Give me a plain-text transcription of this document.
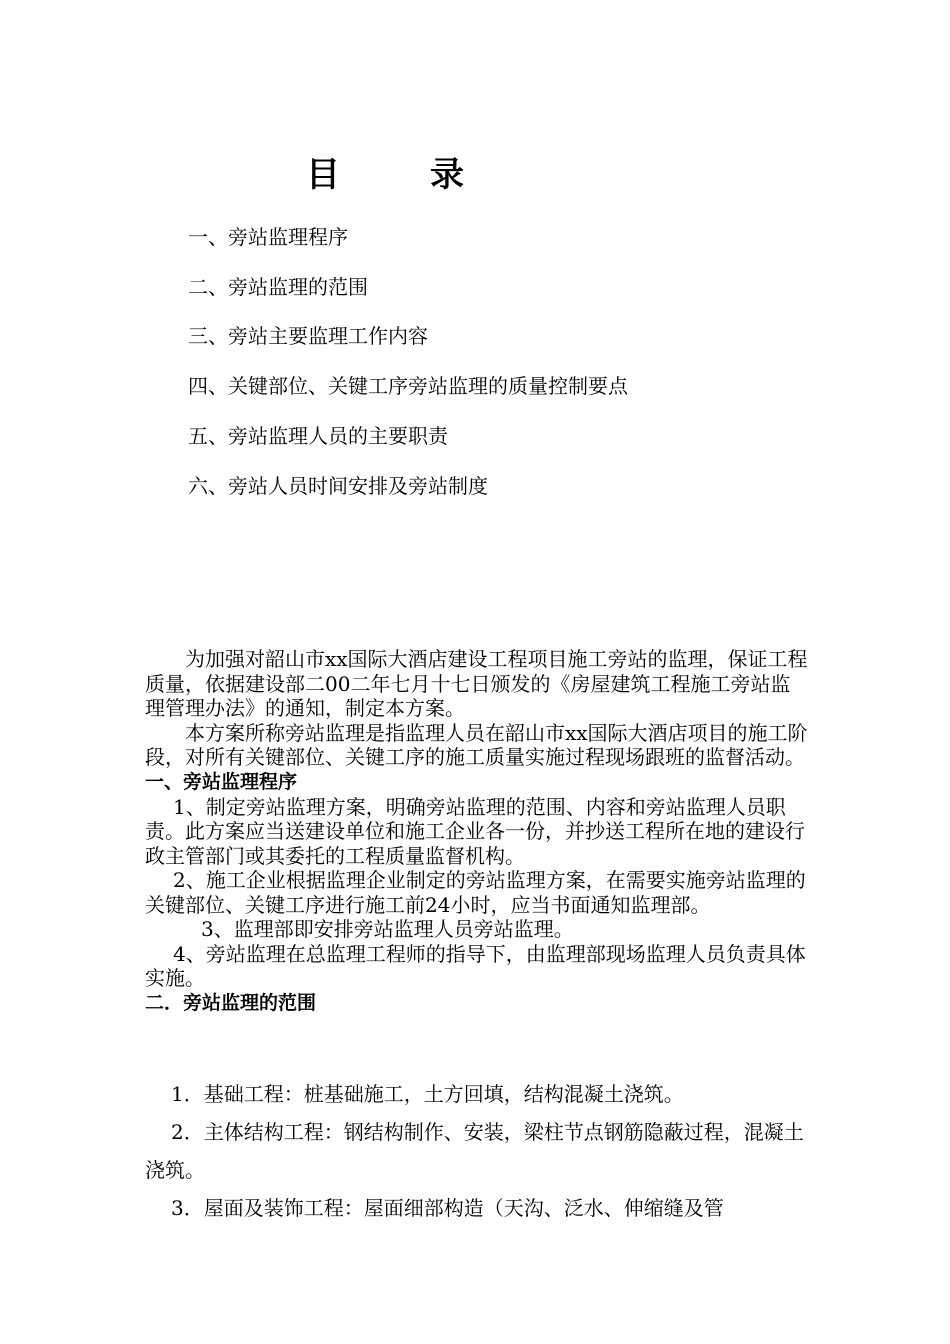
目录
一、旁站监理程序
二、旁站监理的范围
三、旁站主要监理工作内容
四、关键部位、关键工序旁站监理的质量控制要点
五、旁站监理人员的主要职责
六、旁站人员时间安排及旁站制度

为加强对韶山市xx国际大酒店建设工程项目施工旁站的监理，保证工程质量，依据建设部二00二年七月十七日颁发的《房屋建筑工程施工旁站监理管理办法》的通知，制定本方案。

本方案所称旁站监理是指监理人员在韶山市xx国际大酒店项目的施工阶段，对所有关键部位、关键工序的施工质量实施过程现场跟班的监督活动。

一、旁站监理程序

1、制定旁站监理方案，明确旁站监理的范围、内容和旁站监理人员职责。此方案应当送建设单位和施工企业各一份，并抄送工程所在地的建设行政主管部门或其委托的工程质量监督机构。

2、施工企业根据监理企业制定的旁站监理方案，在需要实施旁站监理的关键部位、关键工序进行施工前24小时，应当书面通知监理部。

3、监理部即安排旁站监理人员旁站监理。

4、旁站监理在总监理工程师的指导下，由监理部现场监理人员负责具体实施。

二．旁站监理的范围

1．基础工程：桩基础施工，土方回填，结构混凝土浇筑。

2．主体结构工程：钢结构制作、安装，梁柱节点钢筋隐蔽过程，混凝土浇筑。

3．屋面及装饰工程：屋面细部构造（天沟、泛水、伸缩缝及管
